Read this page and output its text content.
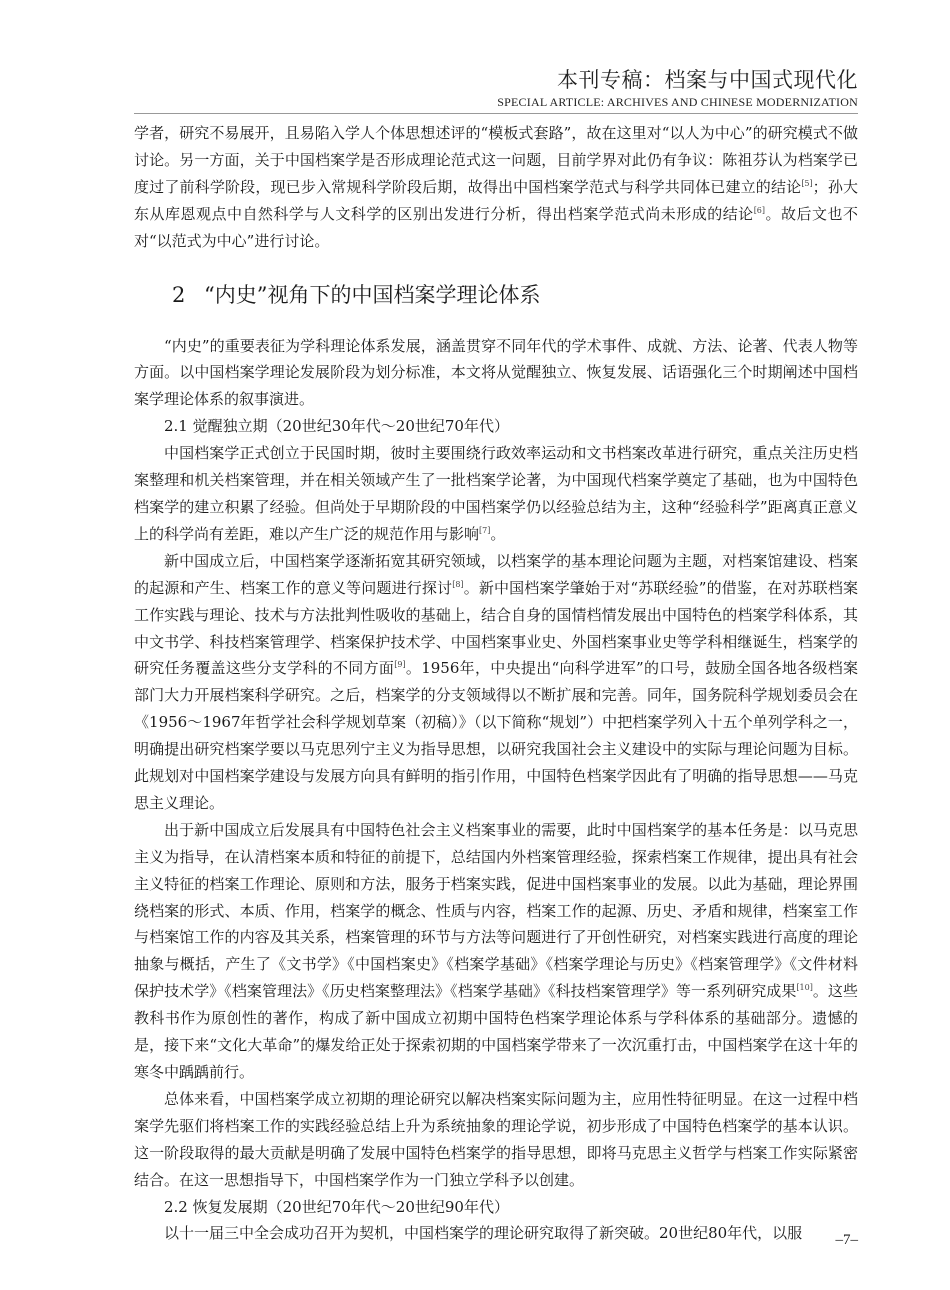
本刊专稿：档案与中国式现代化
SPECIAL ARTICLE: ARCHIVES AND CHINESE MODERNIZATION

学者，研究不易展开，且易陷入学人个体思想述评的“模板式套路”，故在这里对“以人为中心”的研究模式不做讨论。另一方面，关于中国档案学是否形成理论范式这一问题，目前学界对此仍有争议：陈祖芬认为档案学已度过了前科学阶段，现已步入常规科学阶段后期，故得出中国档案学范式与科学共同体已建立的结论[5]；孙大东从库恩观点中自然科学与人文科学的区别出发进行分析，得出档案学范式尚未形成的结论[6]。故后文也不对“以范式为中心”进行讨论。

2 “内史”视角下的中国档案学理论体系

“内史”的重要表征为学科理论体系发展，涵盖贯穿不同年代的学术事件、成就、方法、论著、代表人物等方面。以中国档案学理论发展阶段为划分标准，本文将从觉醒独立、恢复发展、话语强化三个时期阐述中国档案学理论体系的叙事演进。

2.1 觉醒独立期（20世纪30年代～20世纪70年代）

中国档案学正式创立于民国时期，彼时主要围绕行政效率运动和文书档案改革进行研究，重点关注历史档案整理和机关档案管理，并在相关领域产生了一批档案学论著，为中国现代档案学奠定了基础，也为中国特色档案学的建立积累了经验。但尚处于早期阶段的中国档案学仍以经验总结为主，这种“经验科学”距离真正意义上的科学尚有差距，难以产生广泛的规范作用与影响[7]。

新中国成立后，中国档案学逐渐拓宽其研究领域，以档案学的基本理论问题为主题，对档案馆建设、档案的起源和产生、档案工作的意义等问题进行探讨[8]。新中国档案学肇始于对“苏联经验”的借鉴，在对苏联档案工作实践与理论、技术与方法批判性吸收的基础上，结合自身的国情档情发展出中国特色的档案学科体系，其中文书学、科技档案管理学、档案保护技术学、中国档案事业史、外国档案事业史等学科相继诞生，档案学的研究任务覆盖这些分支学科的不同方面[9]。1956年，中央提出“向科学进军”的口号，鼓励全国各地各级档案部门大力开展档案科学研究。之后，档案学的分支领域得以不断扩展和完善。同年，国务院科学规划委员会在《1956～1967年哲学社会科学规划草案（初稿）》（以下简称“规划”）中把档案学列入十五个单列学科之一，明确提出研究档案学要以马克思列宁主义为指导思想，以研究我国社会主义建设中的实际与理论问题为目标。此规划对中国档案学建设与发展方向具有鲜明的指引作用，中国特色档案学因此有了明确的指导思想——马克思主义理论。

出于新中国成立后发展具有中国特色社会主义档案事业的需要，此时中国档案学的基本任务是：以马克思主义为指导，在认清档案本质和特征的前提下，总结国内外档案管理经验，探索档案工作规律，提出具有社会主义特征的档案工作理论、原则和方法，服务于档案实践，促进中国档案事业的发展。以此为基础，理论界围绕档案的形式、本质、作用，档案学的概念、性质与内容，档案工作的起源、历史、矛盾和规律，档案室工作与档案馆工作的内容及其关系，档案管理的环节与方法等问题进行了开创性研究，对档案实践进行高度的理论抽象与概括，产生了《文书学》《中国档案史》《档案学基础》《档案学理论与历史》《档案管理学》《文件材料保护技术学》《档案管理法》《历史档案整理法》《档案学基础》《科技档案管理学》等一系列研究成果[10]。这些教科书作为原创性的著作，构成了新中国成立初期中国特色档案学理论体系与学科体系的基础部分。遗憾的是，接下来“文化大革命”的爆发给正处于探索初期的中国档案学带来了一次沉重打击，中国档案学在这十年的寒冬中踽踽前行。

总体来看，中国档案学成立初期的理论研究以解决档案实际问题为主，应用性特征明显。在这一过程中档案学先驱们将档案工作的实践经验总结上升为系统抽象的理论学说，初步形成了中国特色档案学的基本认识。这一阶段取得的最大贡献是明确了发展中国特色档案学的指导思想，即将马克思主义哲学与档案工作实际紧密结合。在这一思想指导下，中国档案学作为一门独立学科予以创建。

2.2 恢复发展期（20世纪70年代～20世纪90年代）

以十一届三中全会成功召开为契机，中国档案学的理论研究取得了新突破。20世纪80年代，以服	–7–
